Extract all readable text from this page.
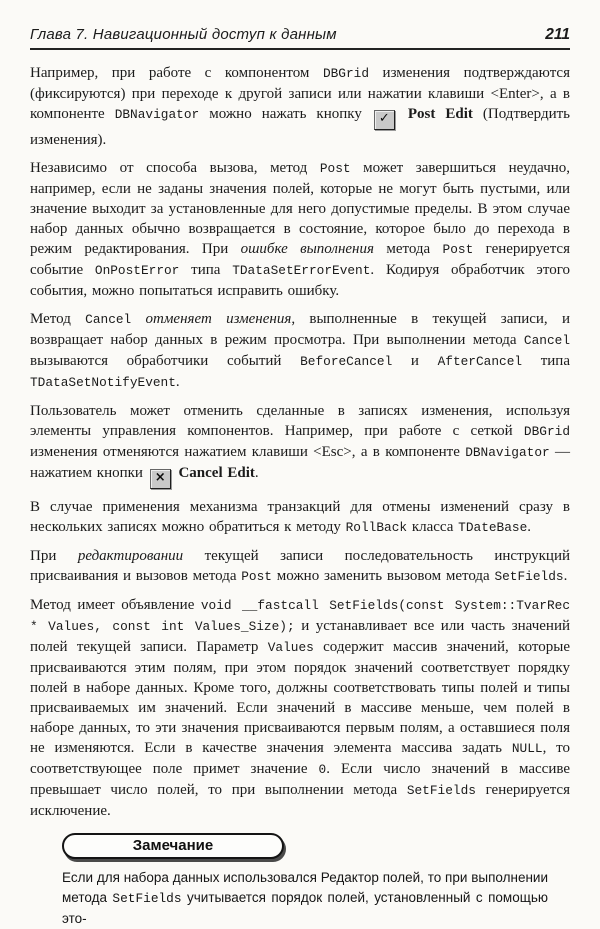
Глава 7. Навигационный доступ к данным	211

Например, при работе с компонентом DBGrid изменения подтверждаются (фиксируются) при переходе к другой записи или нажатии клавиши <Enter>, а в компоненте DBNavigator можно нажать кнопку ✓ Post Edit (Подтвердить изменения).

Независимо от способа вызова, метод Post может завершиться неудачно, например, если не заданы значения полей, которые не могут быть пустыми, или значение выходит за установленные для него допустимые пределы. В этом случае набор данных обычно возвращается в состояние, которое было до перехода в режим редактирования. При ошибке выполнения метода Post генерируется событие OnPostError типа TDataSetErrorEvent. Кодируя обработчик этого события, можно попытаться исправить ошибку.

Метод Cancel отменяет изменения, выполненные в текущей записи, и возвращает набор данных в режим просмотра. При выполнении метода Cancel вызываются обработчики событий BeforeCancel и AfterCancel типа TDataSetNotifyEvent.

Пользователь может отменить сделанные в записях изменения, используя элементы управления компонентов. Например, при работе с сеткой DBGrid изменения отменяются нажатием клавиши <Esc>, а в компоненте DBNavigator — нажатием кнопки × Cancel Edit.

В случае применения механизма транзакций для отмены изменений сразу в нескольких записях можно обратиться к методу RollBack класса TDateBase.

При редактировании текущей записи последовательность инструкций присваивания и вызовов метода Post можно заменить вызовом метода SetFields.

Метод имеет объявление void __fastcall SetFields(const System::TvarRec * Values, const int Values_Size); и устанавливает все или часть значений полей текущей записи. Параметр Values содержит массив значений, которые присваиваются этим полям, при этом порядок значений соответствует порядку полей в наборе данных. Кроме того, должны соответствовать типы полей и типы присваиваемых им значений. Если значений в массиве меньше, чем полей в наборе данных, то эти значения присваиваются первым полям, а оставшиеся поля не изменяются. Если в качестве значения элемента массива задать NULL, то соответствующее поле примет значение 0. Если число значений в массиве превышает число полей, то при выполнении метода SetFields генерируется исключение.

Замечание

Если для набора данных использовался Редактор полей, то при выполнении метода SetFields учитывается порядок полей, установленный с помощью это-
